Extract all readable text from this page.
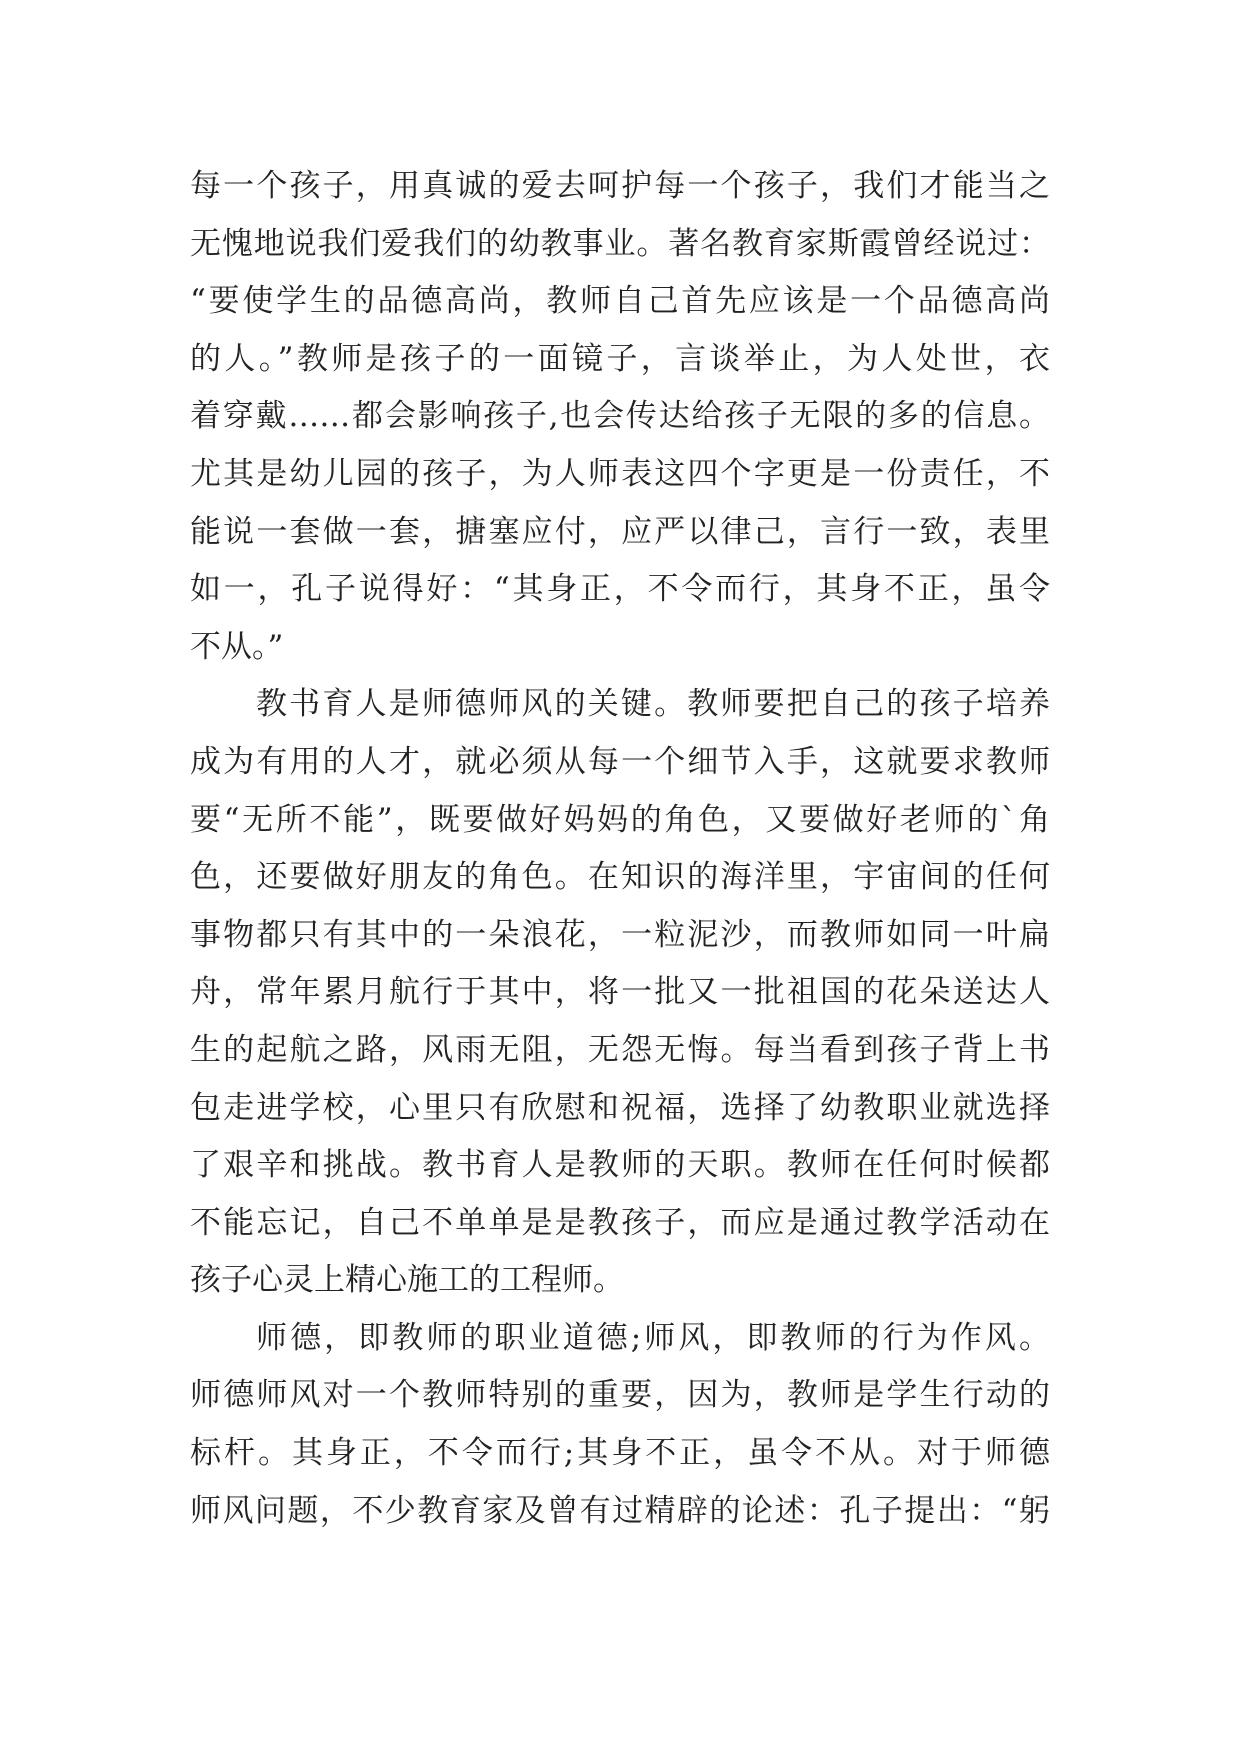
每一个孩子，用真诚的爱去呵护每一个孩子，我们才能当之
无愧地说我们爱我们的幼教事业。著名教育家斯霞曾经说过：
“要使学生的品德高尚，教师自己首先应该是一个品德高尚
的人。”教师是孩子的一面镜子，言谈举止，为人处世，衣
着穿戴……都会影响孩子,也会传达给孩子无限的多的信息。
尤其是幼儿园的孩子，为人师表这四个字更是一份责任，不
能说一套做一套，搪塞应付，应严以律己，言行一致，表里
如一，孔子说得好：“其身正，不令而行，其身不正，虽令
不从。”
教书育人是师德师风的关键。教师要把自己的孩子培养
成为有用的人才，就必须从每一个细节入手，这就要求教师
要“无所不能”，既要做好妈妈的角色，又要做好老师的`角
色，还要做好朋友的角色。在知识的海洋里，宇宙间的任何
事物都只有其中的一朵浪花，一粒泥沙，而教师如同一叶扁
舟，常年累月航行于其中，将一批又一批祖国的花朵送达人
生的起航之路，风雨无阻，无怨无悔。每当看到孩子背上书
包走进学校，心里只有欣慰和祝福，选择了幼教职业就选择
了艰辛和挑战。教书育人是教师的天职。教师在任何时候都
不能忘记，自己不单单是是教孩子，而应是通过教学活动在
孩子心灵上精心施工的工程师。
师德，即教师的职业道德;师风，即教师的行为作风。
师德师风对一个教师特别的重要，因为，教师是学生行动的
标杆。其身正，不令而行;其身不正，虽令不从。对于师德
师风问题，不少教育家及曾有过精辟的论述：孔子提出：“躬
